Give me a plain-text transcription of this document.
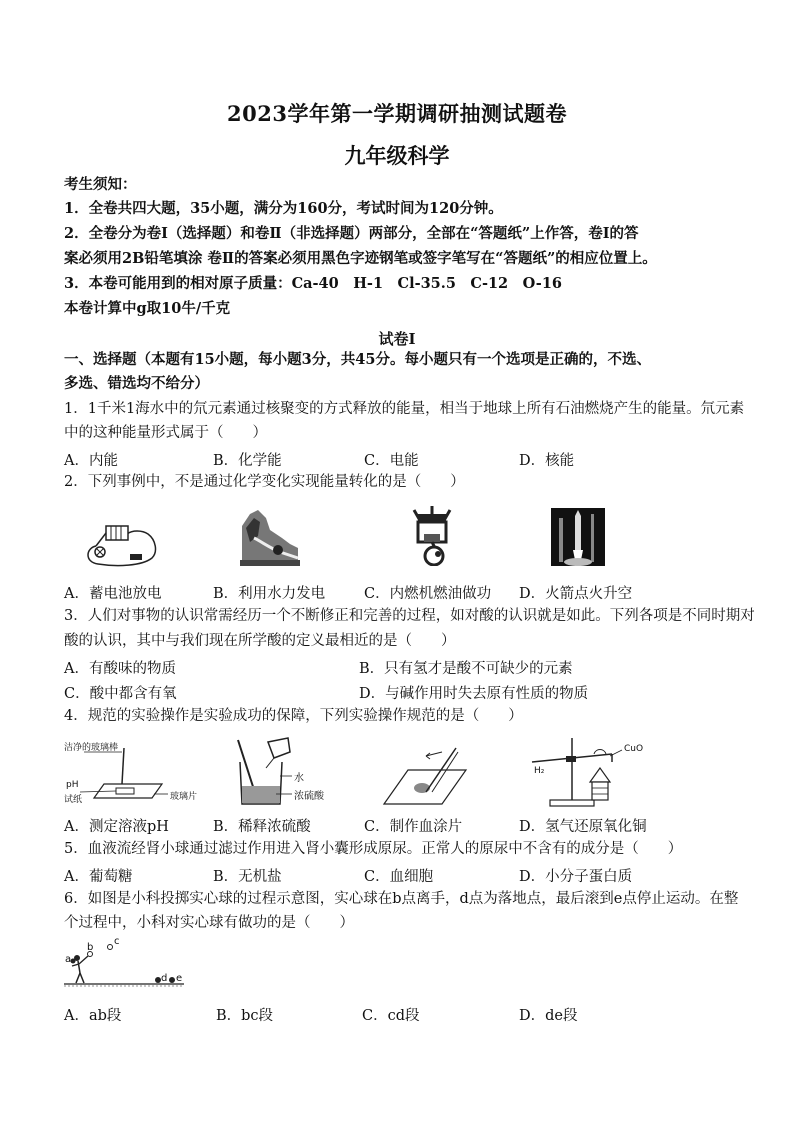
2023学年第一学期调研抽测试题卷
九年级科学
考生须知：
1．全卷共四大题，35小题，满分为160分，考试时间为120分钟。
2．全卷分为卷Ⅰ（选择题）和卷Ⅱ（非选择题）两部分，全部在“答题纸”上作答，卷Ⅰ的答
案必须用2B铅笔填涂 卷Ⅱ的答案必须用黑色字迹钢笔或签字笔写在“答题纸”的相应位置上。
3．本卷可能用到的相对原子质量：Ca-40　H-1　Cl-35.5　C-12　O-16
本卷计算中g取10牛/千克
试卷Ⅰ
一、选择题（本题有15小题，每小题3分，共45分。每小题只有一个选项是正确的，不选、
多选、错选均不给分）
1．1千米1海水中的氘元素通过核聚变的方式释放的能量，相当于地球上所有石油燃烧产生的能量。氘元素
中的这种能量形式属于（　　）
A．内能	B．化学能	C．电能	D．核能
2．下列事例中，不是通过化学变化实现能量转化的是（　　）
A．蓄电池放电	B．利用水力发电	C．内燃机燃油做功 D．火箭点火升空
3．人们对事物的认识常需经历一个不断修正和完善的过程，如对酸的认识就是如此。下列各项是不同时期对
酸的认识，其中与我们现在所学酸的定义最相近的是（　　）
A．有酸味的物质	B．只有氢才是酸不可缺少的元素
C．酸中都含有氧	D．与碱作用时失去原有性质的物质
4．规范的实验操作是实验成功的保障，下列实验操作规范的是（　　）
洁净的玻璃棒
pH
试纸	玻璃片
水
浓硫酸
CuO
H₂
A．测定溶液pH	B．稀释浓硫酸	C．制作血涂片	D．氢气还原氧化铜
5．血液流经肾小球通过滤过作用进入肾小囊形成原尿。正常人的原尿中不含有的成分是（　　）
A．葡萄糖	B．无机盐	C．血细胞	D．小分子蛋白质
6．如图是小科投掷实心球的过程示意图，实心球在b点离手，d点为落地点，最后滚到e点停止运动。在整
个过程中，小科对实心球有做功的是（　　）
a
b
c
d e
A．ab段	B．bc段	C．cd段	D．de段
